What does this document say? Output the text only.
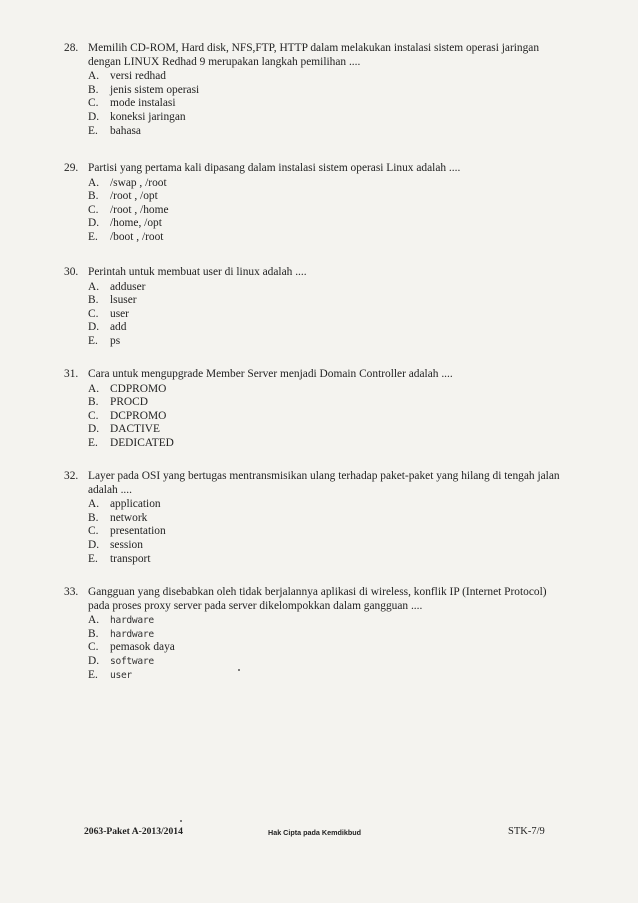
28. Memilih CD-ROM, Hard disk, NFS,FTP, HTTP dalam melakukan instalasi sistem operasi jaringan dengan LINUX Redhad 9 merupakan langkah pemilihan ....
A. versi redhad
B.	jenis sistem operasi
C.	mode instalasi
D. koneksi jaringan
E.	bahasa
29. Partisi yang pertama kali dipasang dalam instalasi sistem operasi Linux adalah ....
A. /swap , /root
B.	/root , /opt
C.	/root , /home
D. /home, /opt
E.	/boot , /root
30. Perintah untuk membuat user di linux adalah ....
A. adduser
B.	lsuser
C.	user
D. add
E.	ps
31. Cara untuk mengupgrade Member Server menjadi Domain Controller adalah ....
A. CDPROMO
B.	PROCD
C.	DCPROMO
D. DACTIVE
E.	DEDICATED
32. Layer pada OSI yang bertugas mentransmisikan ulang terhadap paket-paket yang hilang di tengah jalan adalah ....
A. application
B.	network
C.	presentation
D. session
E.	transport
33. Gangguan yang disebabkan oleh tidak berjalannya aplikasi di wireless, konflik IP (Internet Protocol) pada proses proxy server pada server dikelompokkan dalam gangguan ....
A.	hardware
B.	hardware
C.	pemasok daya
D.	software
E.	user
2063-Paket A-2013/2014	Hak Cipta pada Kemdikbud	STK-7/9
